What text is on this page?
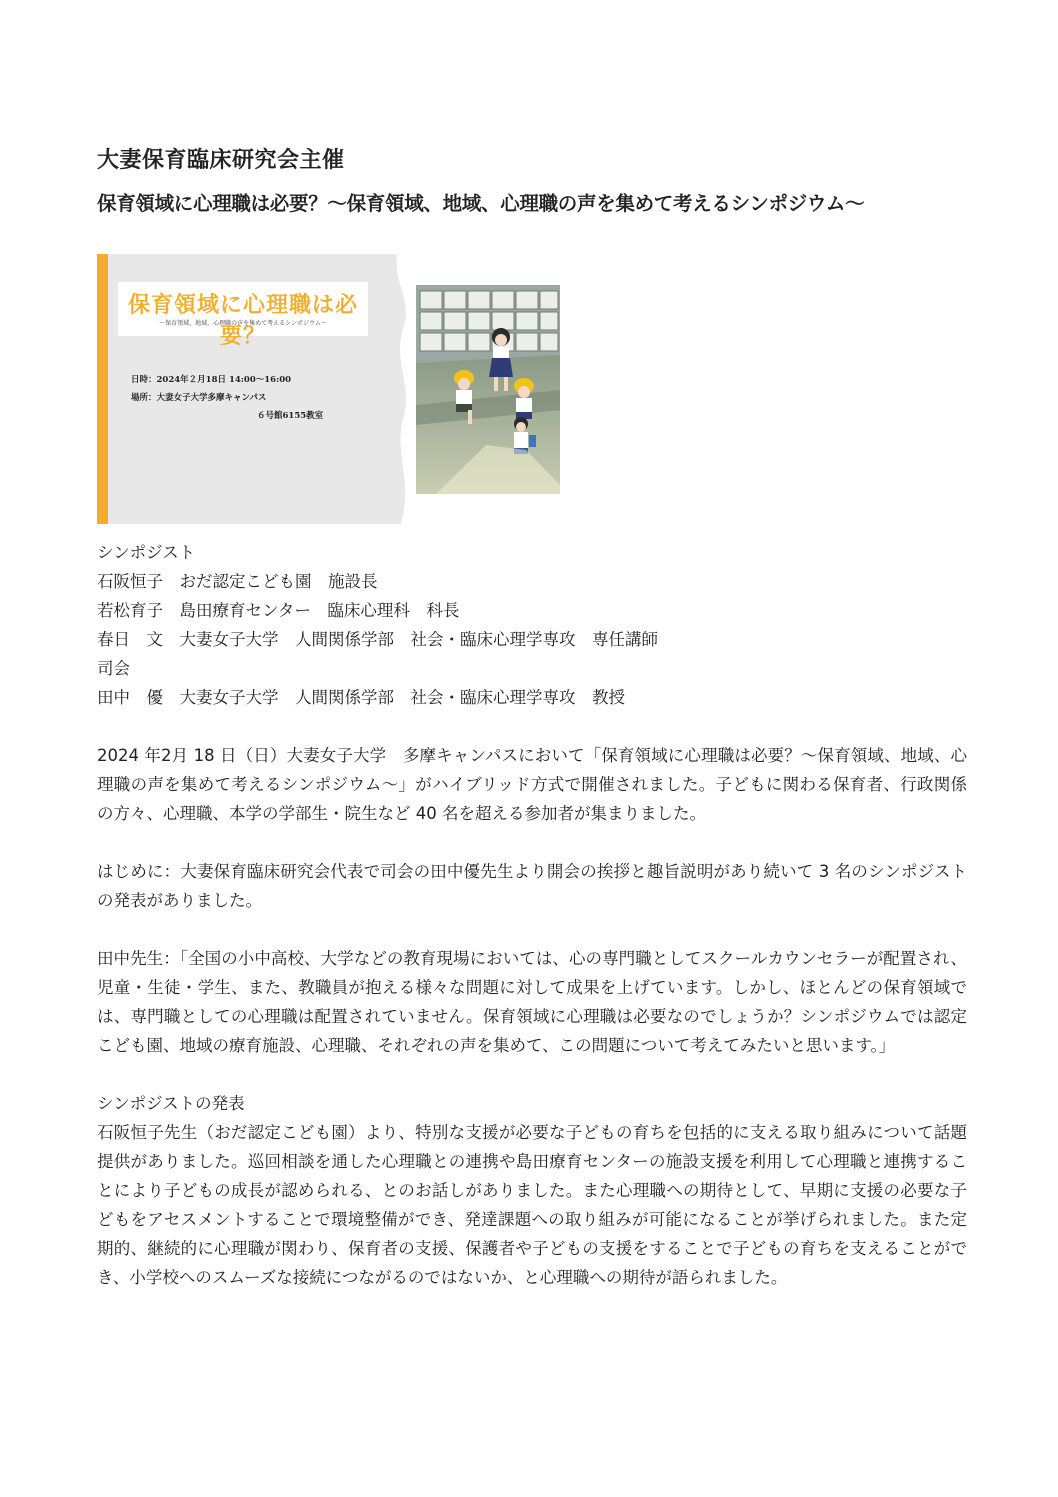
大妻保育臨床研究会主催
保育領域に心理職は必要？～保育領域、地域、心理職の声を集めて考えるシンポジウム～
保育領域に心理職は必要？
～保育領域、地域、心理職の声を集めて考えるシンポジウム～
日時：2024年２月18日 14:00～16:00
場所：大妻女子大学多摩キャンパス
６号館6155教室

シンポジスト

石阪恒子　おだ認定こども園　施設長

若松育子　島田療育センター　臨床心理科　科長

春日　文　大妻女子大学　人間関係学部　社会・臨床心理学専攻　専任講師

司会

田中　優　大妻女子大学　人間関係学部　社会・臨床心理学専攻　教授

2024 年2月 18 日（日）大妻女子大学　多摩キャンパスにおいて「保育領域に心理職は必要？～保育領域、地域、心理職の声を集めて考えるシンポジウム～」がハイブリッド方式で開催されました。子どもに関わる保育者、行政関係の方々、心理職、本学の学部生・院生など 40 名を超える参加者が集まりました。

はじめに：大妻保育臨床研究会代表で司会の田中優先生より開会の挨拶と趣旨説明があり続いて 3 名のシンポジストの発表がありました。

田中先生：「全国の小中高校、大学などの教育現場においては、心の専門職としてスクールカウンセラーが配置され、児童・生徒・学生、また、教職員が抱える様々な問題に対して成果を上げています。しかし、ほとんどの保育領域では、専門職としての心理職は配置されていません。保育領域に心理職は必要なのでしょうか？シンポジウムでは認定こども園、地域の療育施設、心理職、それぞれの声を集めて、この問題について考えてみたいと思います。」

シンポジストの発表

石阪恒子先生（おだ認定こども園）より、特別な支援が必要な子どもの育ちを包括的に支える取り組みについて話題提供がありました。巡回相談を通した心理職との連携や島田療育センターの施設支援を利用して心理職と連携することにより子どもの成長が認められる、とのお話しがありました。また心理職への期待として、早期に支援の必要な子どもをアセスメントすることで環境整備ができ、発達課題への取り組みが可能になることが挙げられました。また定期的、継続的に心理職が関わり、保育者の支援、保護者や子どもの支援をすることで子どもの育ちを支えることができ、小学校へのスムーズな接続につながるのではないか、と心理職への期待が語られました。
